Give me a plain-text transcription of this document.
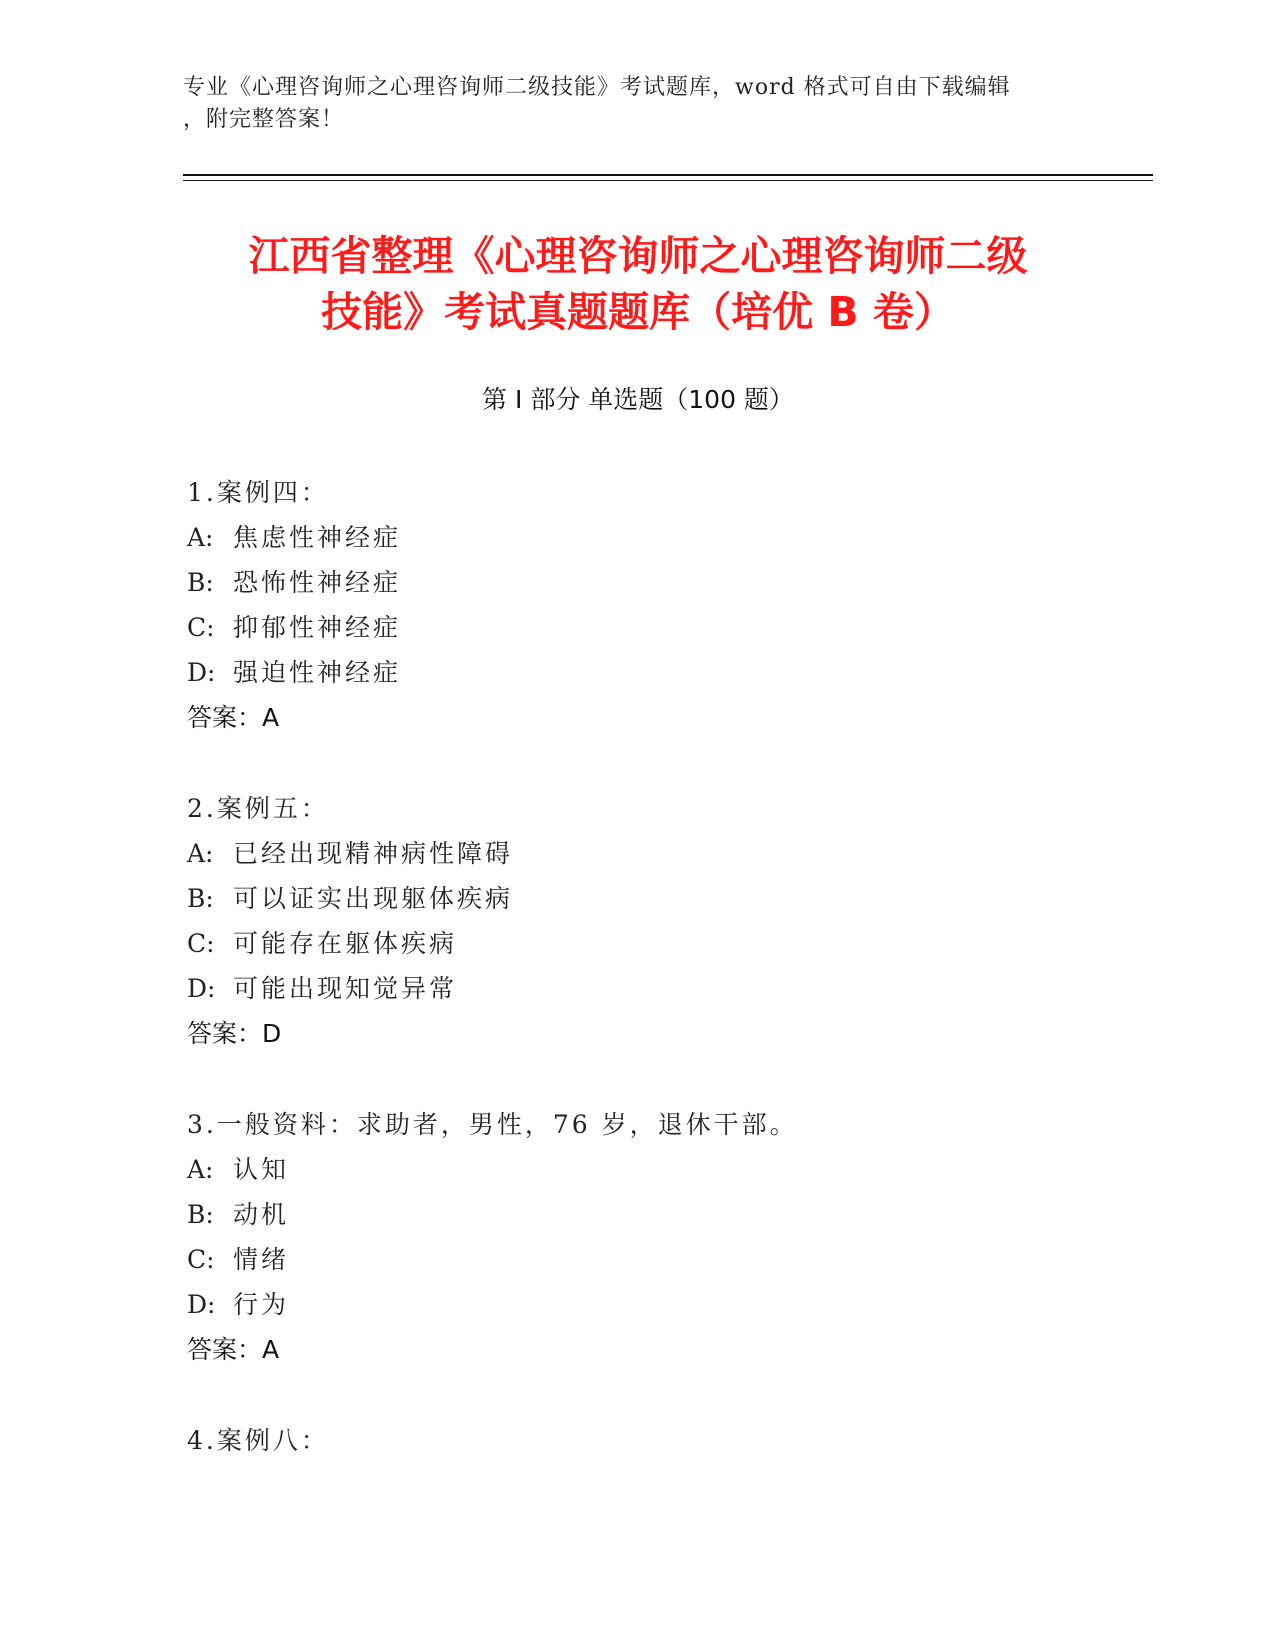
专业《心理咨询师之心理咨询师二级技能》考试题库，word 格式可自由下载编辑
，附完整答案！
江西省整理《心理咨询师之心理咨询师二级
技能》考试真题题库（培优 B 卷）
第 I 部分 单选题（100 题）
1.案例四：
A: 焦虑性神经症
B: 恐怖性神经症
C: 抑郁性神经症
D: 强迫性神经症
答案：A
2.案例五：
A: 已经出现精神病性障碍
B: 可以证实出现躯体疾病
C: 可能存在躯体疾病
D: 可能出现知觉异常
答案：D
3.一般资料：求助者，男性，76 岁，退休干部。
A: 认知
B: 动机
C: 情绪
D: 行为
答案：A
4.案例八：
